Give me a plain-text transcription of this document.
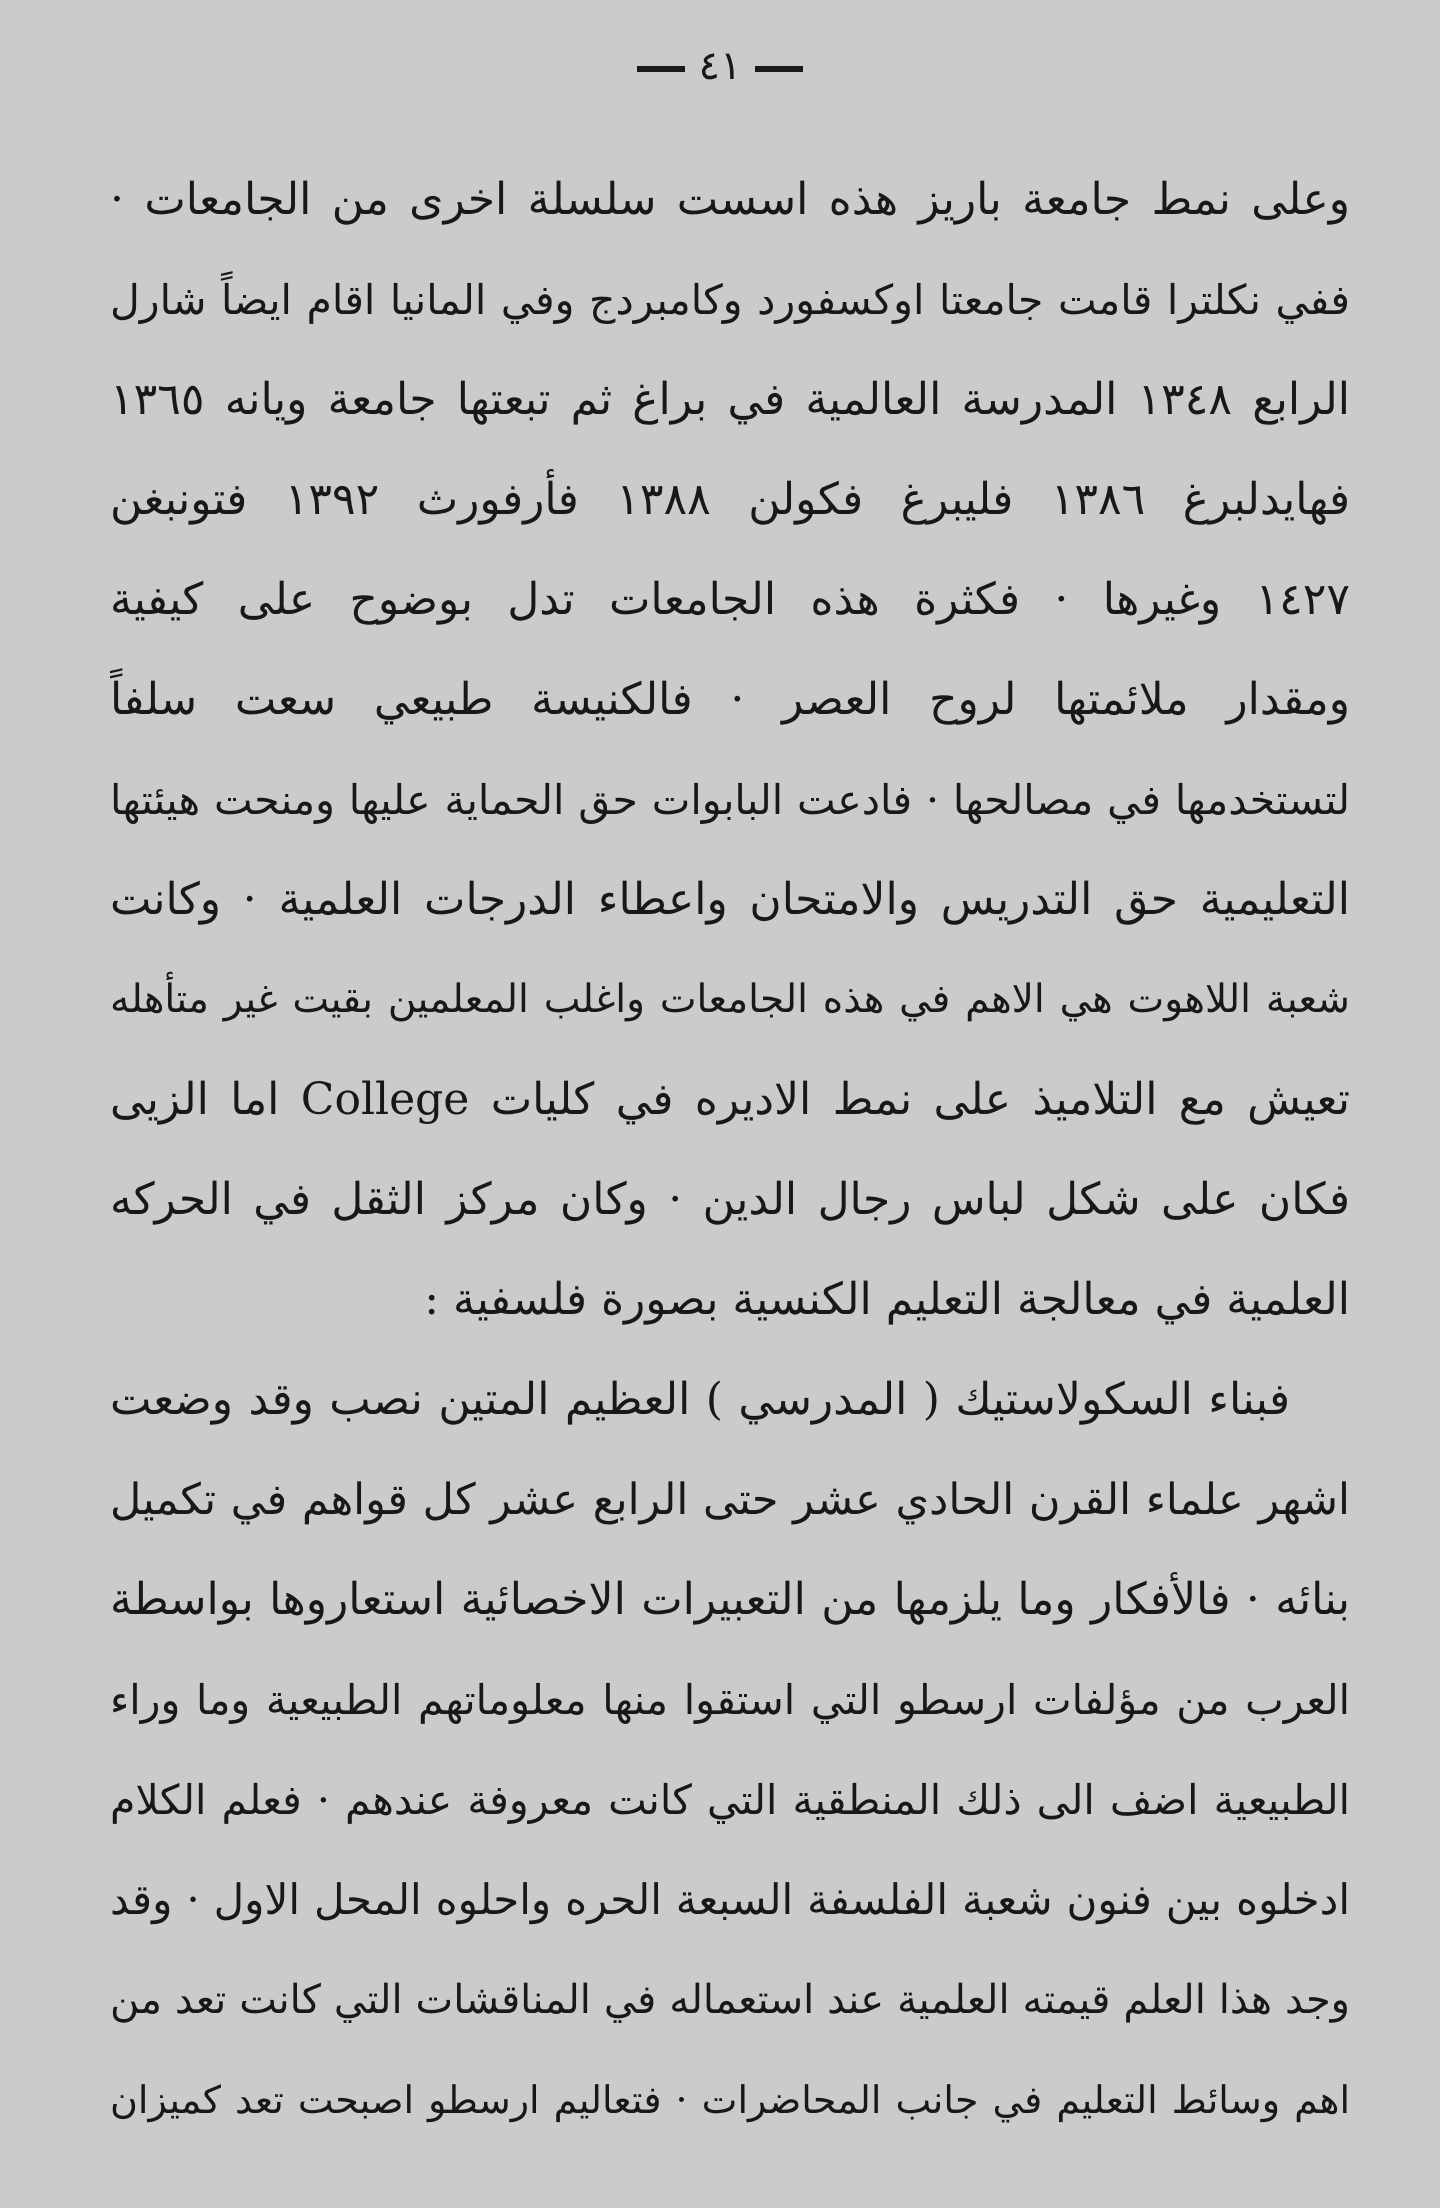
٤١
وعلى نمط جامعة باريز هذه اسست سلسلة اخرى من الجامعات ·
ففي نكلترا قامت جامعتا اوكسفورد وكامبردج وفي المانيا اقام ايضاً شارل
الرابع ١٣٤٨ المدرسة العالمية في براغ ثم تبعتها جامعة ويانه ١٣٦٥
فهايدلبرغ ١٣٨٦ فليبرغ فكولن ١٣٨٨ فأرفورث ١٣٩٢ فتونبغن
١٤٢٧ وغيرها · فكثرة هذه الجامعات تدل بوضوح على كيفية
ومقدار ملائمتها لروح العصر · فالكنيسة طبيعي سعت سلفاً
لتستخدمها في مصالحها · فادعت البابوات حق الحماية عليها ومنحت هيئتها
التعليمية حق التدريس والامتحان واعطاء الدرجات العلمية · وكانت
شعبة اللاهوت هي الاهم في هذه الجامعات واغلب المعلمين بقيت غير متأهله
تعيش مع التلاميذ على نمط الاديره في كليات College اما الزيى
فكان على شكل لباس رجال الدين · وكان مركز الثقل في الحركه
العلمية في معالجة التعليم الكنسية بصورة فلسفية :
فبناء السكولاستيك ( المدرسي ) العظيم المتين نصب وقد وضعت
اشهر علماء القرن الحادي عشر حتى الرابع عشر كل قواهم في تكميل
بنائه · فالأفكار وما يلزمها من التعبيرات الاخصائية استعاروها بواسطة
العرب من مؤلفات ارسطو التي استقوا منها معلوماتهم الطبيعية وما وراء
الطبيعية اضف الى ذلك المنطقية التي كانت معروفة عندهم · فعلم الكلام
ادخلوه بين فنون شعبة الفلسفة السبعة الحره واحلوه المحل الاول · وقد
وجد هذا العلم قيمته العلمية عند استعماله في المناقشات التي كانت تعد من
اهم وسائط التعليم في جانب المحاضرات · فتعاليم ارسطو اصبحت تعد كميزان
